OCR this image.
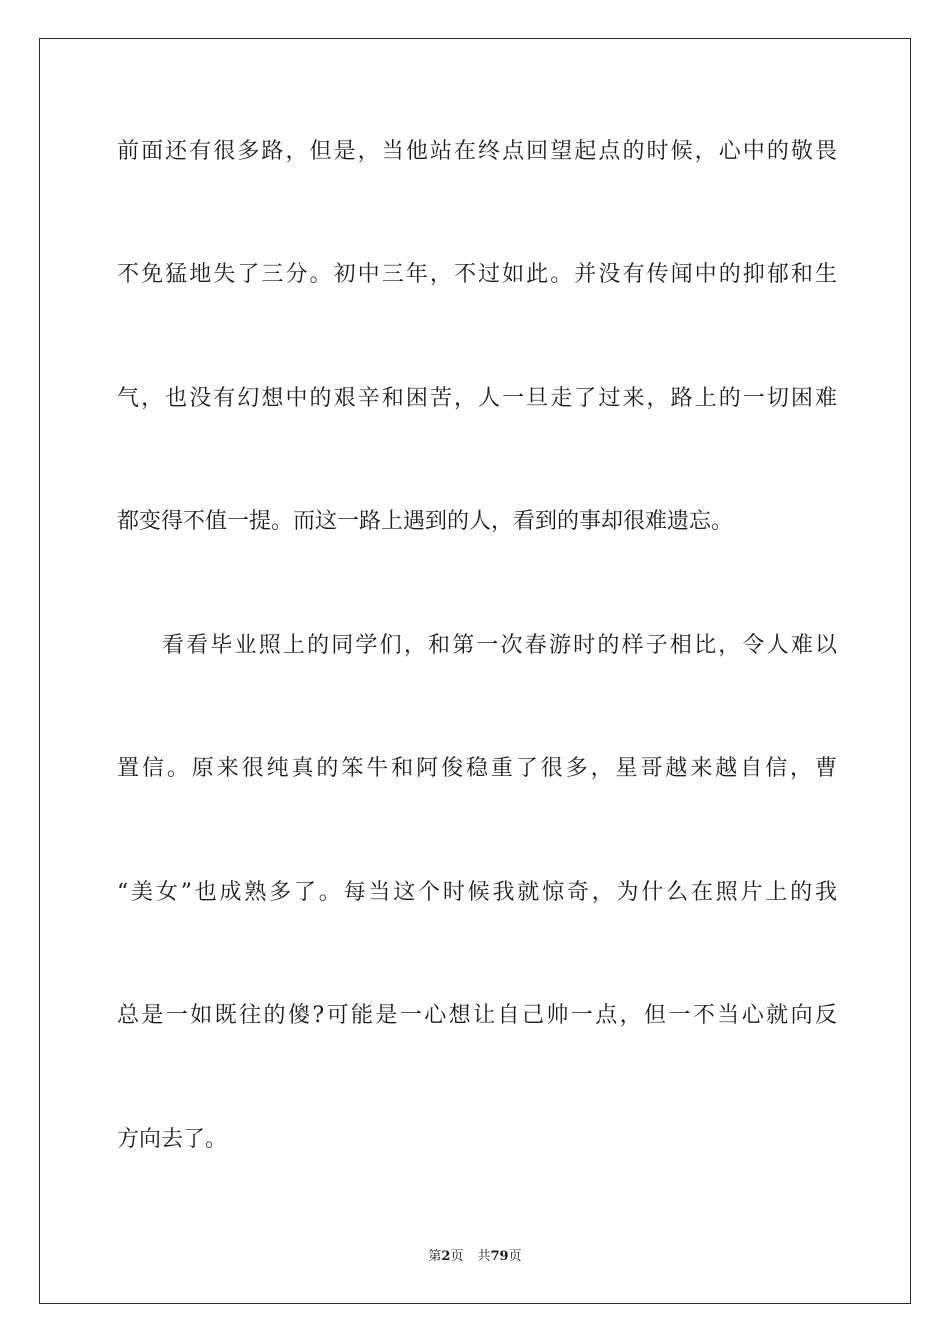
前面还有很多路，但是，当他站在终点回望起点的时候，心中的敬畏
不免猛地失了三分。初中三年，不过如此。并没有传闻中的抑郁和生
气，也没有幻想中的艰辛和困苦，人一旦走了过来，路上的一切困难
都变得不值一提。而这一路上遇到的人，看到的事却很难遗忘。
看看毕业照上的同学们，和第一次春游时的样子相比，令人难以
置信。原来很纯真的笨牛和阿俊稳重了很多，星哥越来越自信，曹
“美女”也成熟多了。每当这个时候我就惊奇，为什么在照片上的我
总是一如既往的傻?可能是一心想让自己帅一点，但一不当心就向反
方向去了。
第2页 共79页
